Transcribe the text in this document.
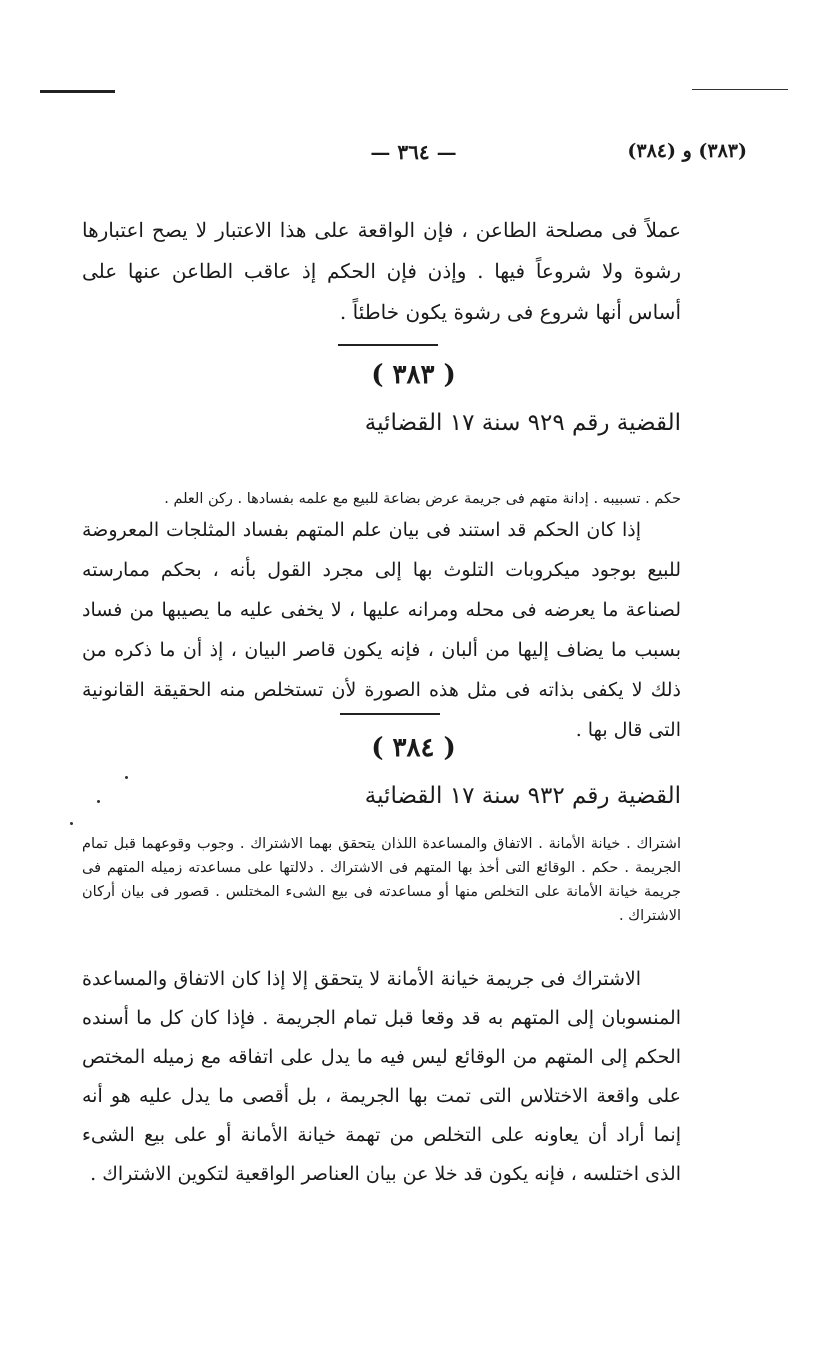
(٣٨٣) و (٣٨٤)
— ٣٦٤ —

عملاً فى مصلحة الطاعن ، فإن الواقعة على هذا الاعتبار لا يصح اعتبارها رشوة ولا شروعاً فيها . وإذن فإن الحكم إذ عاقب الطاعن عنها على أساس أنها شروع فى رشوة يكون خاطئاً .

( ٣٨٣ )
القضية رقم ٩٢٩ سنة ١٧ القضائية

حكم . تسبيبه . إدانة متهم فى جريمة عرض بضاعة للبيع مع علمه بفسادها . ركن العلم .

إذا كان الحكم قد استند فى بيان علم المتهم بفساد المثلجات المعروضة للبيع بوجود ميكروبات التلوث بها إلى مجرد القول بأنه ، بحكم ممارسته لصناعة ما يعرضه فى محله ومرانه عليها ، لا يخفى عليه ما يصيبها من فساد بسبب ما يضاف إليها من ألبان ، فإنه يكون قاصر البيان ، إذ أن ما ذكره من ذلك لا يكفى بذاته فى مثل هذه الصورة لأن تستخلص منه الحقيقة القانونية التى قال بها .

( ٣٨٤ )
القضية رقم ٩٣٢ سنة ١٧ القضائية

اشتراك . خيانة الأمانة . الاتفاق والمساعدة اللذان يتحقق بهما الاشتراك . وجوب وقوعهما قبل تمام الجريمة . حكم . الوقائع التى أخذ بها المتهم فى الاشتراك . دلالتها على مساعدته زميله المتهم فى جريمة خيانة الأمانة على التخلص منها أو مساعدته فى بيع الشىء المختلس . قصور فى بيان أركان الاشتراك .

الاشتراك فى جريمة خيانة الأمانة لا يتحقق إلا إذا كان الاتفاق والمساعدة المنسوبان إلى المتهم به قد وقعا قبل تمام الجريمة . فإذا كان كل ما أسنده الحكم إلى المتهم من الوقائع ليس فيه ما يدل على اتفاقه مع زميله المختص على واقعة الاختلاس التى تمت بها الجريمة ، بل أقصى ما يدل عليه هو أنه إنما أراد أن يعاونه على التخلص من تهمة خيانة الأمانة أو على بيع الشىء الذى اختلسه ، فإنه يكون قد خلا عن بيان العناصر الواقعية لتكوين الاشتراك .
